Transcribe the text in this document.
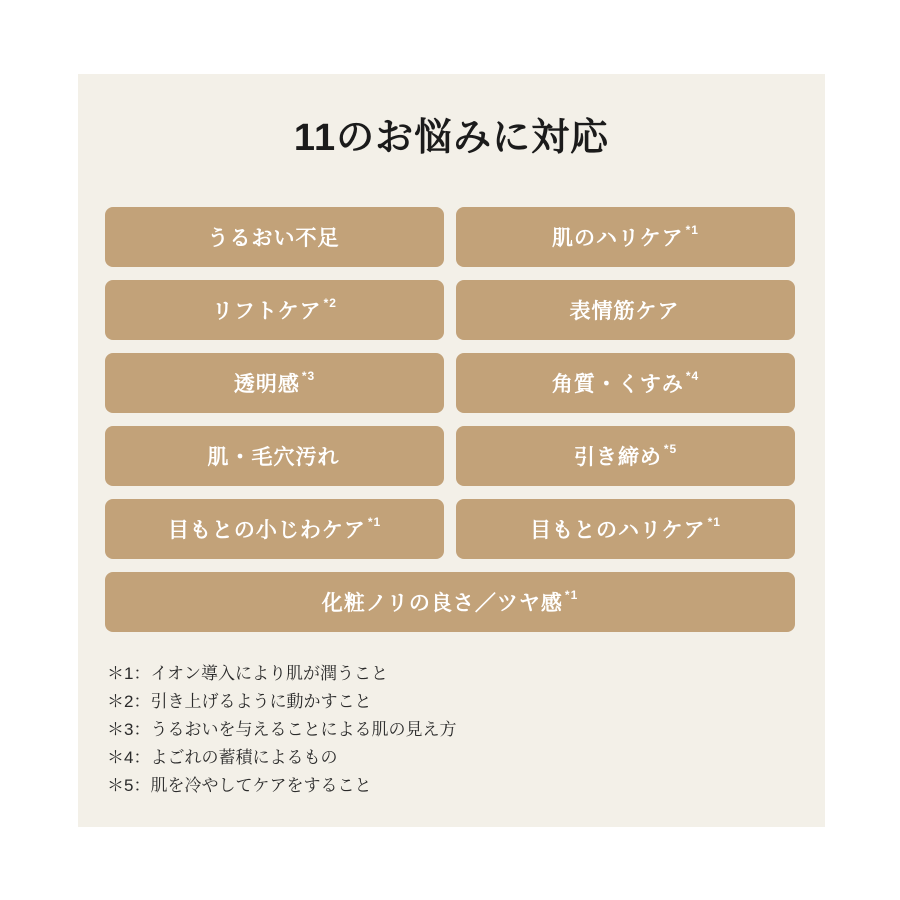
11のお悩みに対応
うるおい不足	肌のハリケア *1
リフトケア *2	表情筋ケア
透明感 *3	角質・くすみ *4
肌・毛穴汚れ	引き締め *5
目もとの小じわケア *1	目もとのハリケア *1
化粧ノリの良さ／ツヤ感 *1

＊1：イオン導入により肌が潤うこと

＊2：引き上げるように動かすこと

＊3：うるおいを与えることによる肌の見え方

＊4：よごれの蓄積によるもの

＊5：肌を冷やしてケアをすること
